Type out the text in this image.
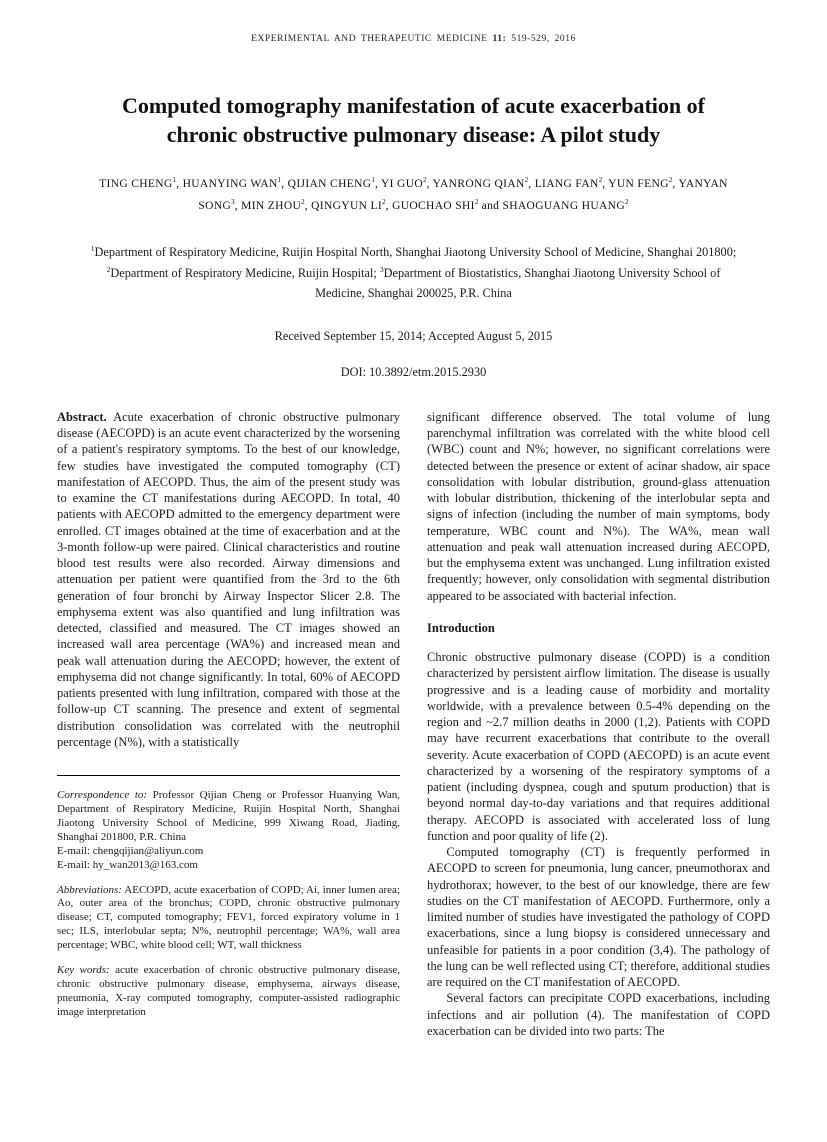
EXPERIMENTAL AND THERAPEUTIC MEDICINE 11: 519-529, 2016
Computed tomography manifestation of acute exacerbation of chronic obstructive pulmonary disease: A pilot study
TING CHENG$^1$, HUANYING WAN$^1$, QIJIAN CHENG$^1$, YI GUO$^2$, YANRONG QIAN$^2$, LIANG FAN$^2$, YUN FENG$^2$, YANYAN SONG$^3$, MIN ZHOU$^2$, QINGYUN $LI^2$, GUOCHAO SHI$^2$ and SHAOGUANG HUANG$^2$
$^1$Department of Respiratory Medicine, Ruijin Hospital North, Shanghai Jiaotong University School of Medicine, Shanghai 201800; $^2$Department of Respiratory Medicine, Ruijin Hospital; $^3$Department of Biostatistics, Shanghai Jiaotong University School of Medicine, Shanghai 200025, P.R. China
Received September 15, 2014; Accepted August 5, 2015
DOI: 10.3892/etm.2015.2930

Abstract. Acute exacerbation of chronic obstructive pulmonary disease (AECOPD) is an acute event characterized by the worsening of a patient's respiratory symptoms. To the best of our knowledge, few studies have investigated the computed tomography (CT) manifestation of AECOPD. Thus, the aim of the present study was to examine the CT manifestations during AECOPD. In total, 40 patients with AECOPD admitted to the emergency department were enrolled. CT images obtained at the time of exacerbation and at the 3-month follow-up were paired. Clinical characteristics and routine blood test results were also recorded. Airway dimensions and attenuation per patient were quantified from the 3rd to the 6th generation of four bronchi by Airway Inspector Slicer 2.8. The emphysema extent was also quantified and lung infiltration was detected, classified and measured. The CT images showed an increased wall area percentage (WA%) and increased mean and peak wall attenuation during the AECOPD; however, the extent of emphysema did not change significantly. In total, 60% of AECOPD patients presented with lung infiltration, compared with those at the follow-up CT scanning. The presence and extent of segmental distribution consolidation was correlated with the neutrophil percentage (N%), with a statistically

Correspondence to: Professor Qijian Cheng or Professor Huanying Wan, Department of Respiratory Medicine, Ruijin Hospital North, Shanghai Jiaotong University School of Medicine, 999 Xiwang Road, Jiading, Shanghai 201800, P.R. China
E-mail: chengqijian@aliyun.com
E-mail: hy_wan2013@163.com
Abbreviations: AECOPD, acute exacerbation of COPD; Ai, inner lumen area; Ao, outer area of the bronchus; COPD, chronic obstructive pulmonary disease; CT, computed tomography; FEV1, forced expiratory volume in 1 sec; ILS, interlobular septa; N%, neutrophil percentage; WA%, wall area percentage; WBC, white blood cell; WT, wall thickness
Key words: acute exacerbation of chronic obstructive pulmonary disease, chronic obstructive pulmonary disease, emphysema, airways disease, pneumonia, X-ray computed tomography, computer-assisted radiographic image interpretation

significant difference observed. The total volume of lung parenchymal infiltration was correlated with the white blood cell (WBC) count and N%; however, no significant correlations were detected between the presence or extent of acinar shadow, air space consolidation with lobular distribution, ground-glass attenuation with lobular distribution, thickening of the interlobular septa and signs of infection (including the number of main symptoms, body temperature, WBC count and N%). The WA%, mean wall attenuation and peak wall attenuation increased during AECOPD, but the emphysema extent was unchanged. Lung infiltration existed frequently; however, only consolidation with segmental distribution appeared to be associated with bacterial infection.

Introduction

Chronic obstructive pulmonary disease (COPD) is a condition characterized by persistent airflow limitation. The disease is usually progressive and is a leading cause of morbidity and mortality worldwide, with a prevalence between 0.5-4% depending on the region and ~2.7 million deaths in 2000 (1,2). Patients with COPD may have recurrent exacerbations that contribute to the overall severity. Acute exacerbation of COPD (AECOPD) is an acute event characterized by a worsening of the respiratory symptoms of a patient (including dyspnea, cough and sputum production) that is beyond normal day-to-day variations and that requires additional therapy. AECOPD is associated with accelerated loss of lung function and poor quality of life (2).

Computed tomography (CT) is frequently performed in AECOPD to screen for pneumonia, lung cancer, pneumothorax and hydrothorax; however, to the best of our knowledge, there are few studies on the CT manifestation of AECOPD. Furthermore, only a limited number of studies have investigated the pathology of COPD exacerbations, since a lung biopsy is considered unnecessary and unfeasible for patients in a poor condition (3,4). The pathology of the lung can be well reflected using CT; therefore, additional studies are required on the CT manifestation of AECOPD.

Several factors can precipitate COPD exacerbations, including infections and air pollution (4). The manifestation of COPD exacerbation can be divided into two parts: The
